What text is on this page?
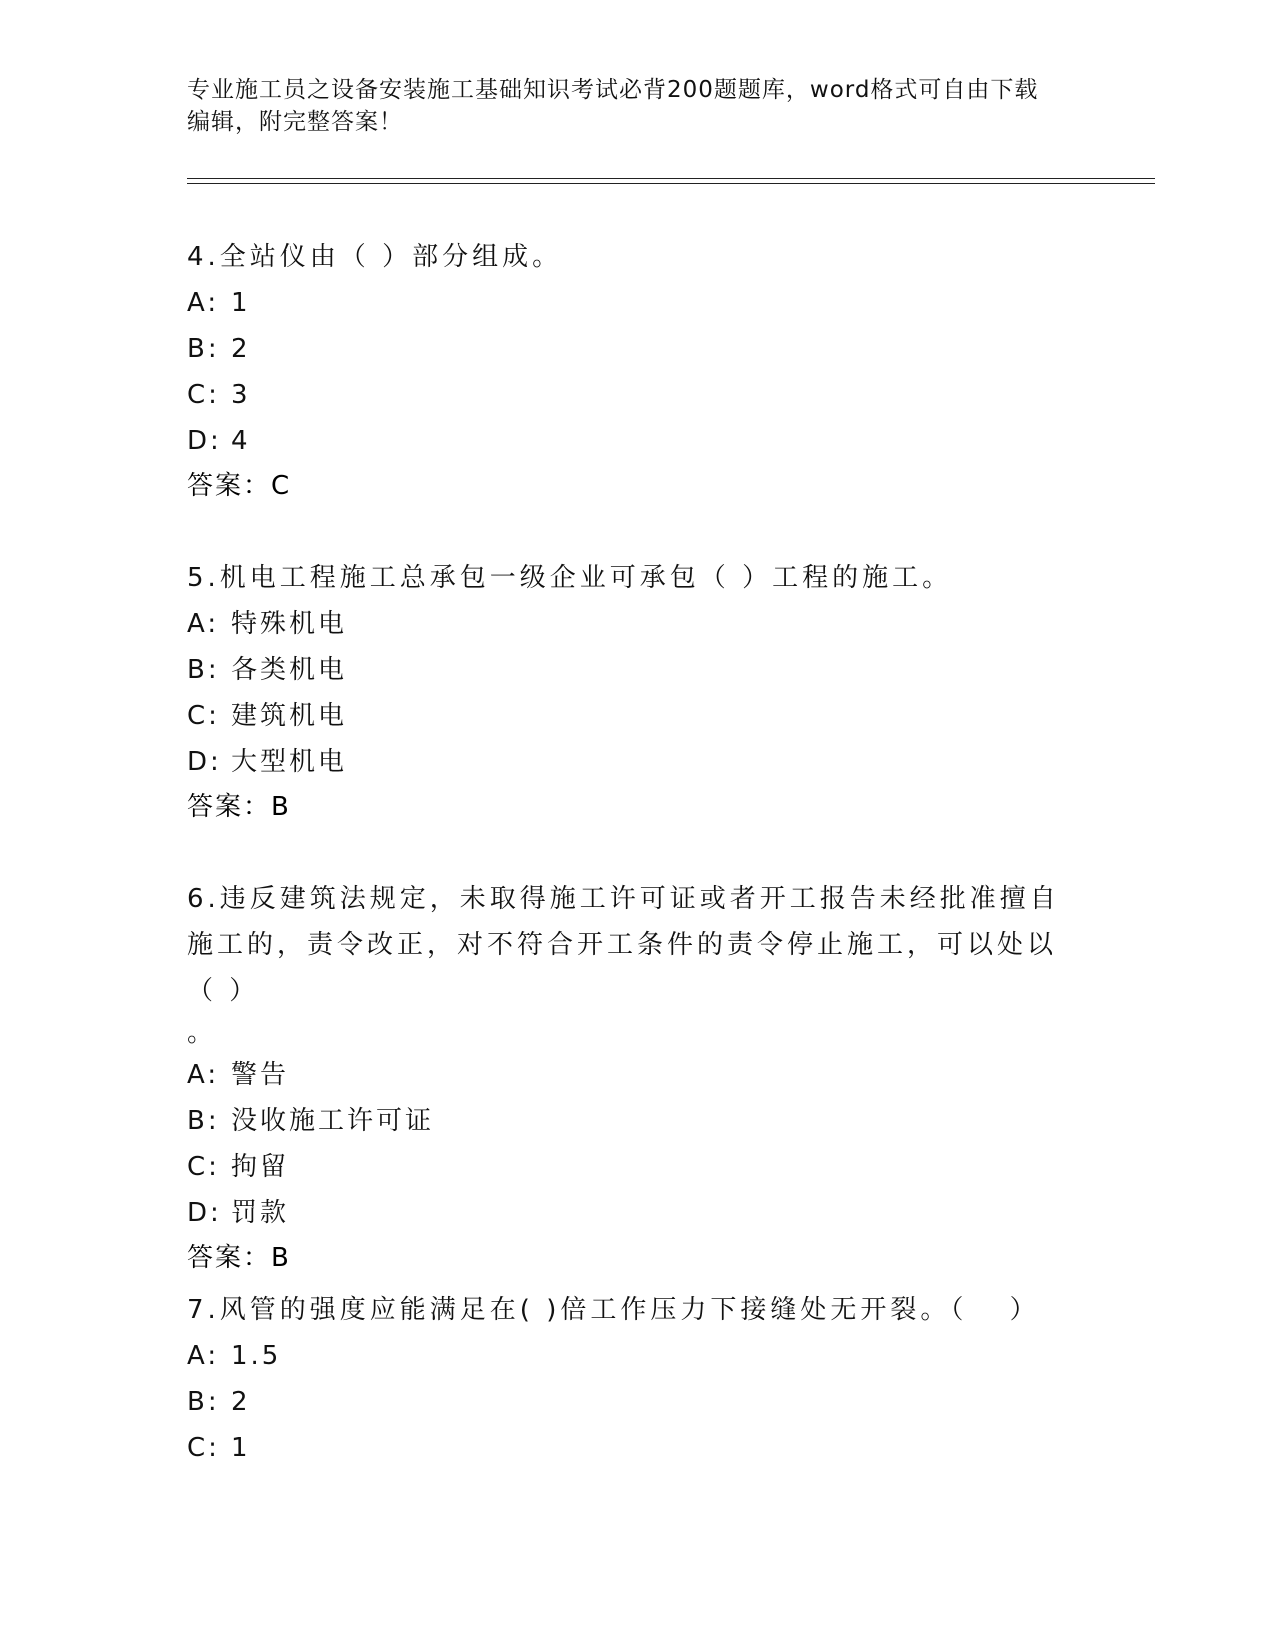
专业施工员之设备安装施工基础知识考试必背200题题库，word格式可自由下载
编辑，附完整答案！

4.全站仪由（ ）部分组成。

A: 1
B: 2
C: 3
D: 4
答案：C

5.机电工程施工总承包一级企业可承包（ ）工程的施工。

A: 特殊机电
B: 各类机电
C: 建筑机电
D: 大型机电
答案：B

6.违反建筑法规定，未取得施工许可证或者开工报告未经批准擅自施工的，责令改正，对不符合开工条件的责令停止施工，可以处以（ ）

。
A: 警告
B: 没收施工许可证
C: 拘留
D: 罚款
答案：B

7.风管的强度应能满足在( )倍工作压力下接缝处无开裂。（　 ）

A: 1.5
B: 2
C: 1
